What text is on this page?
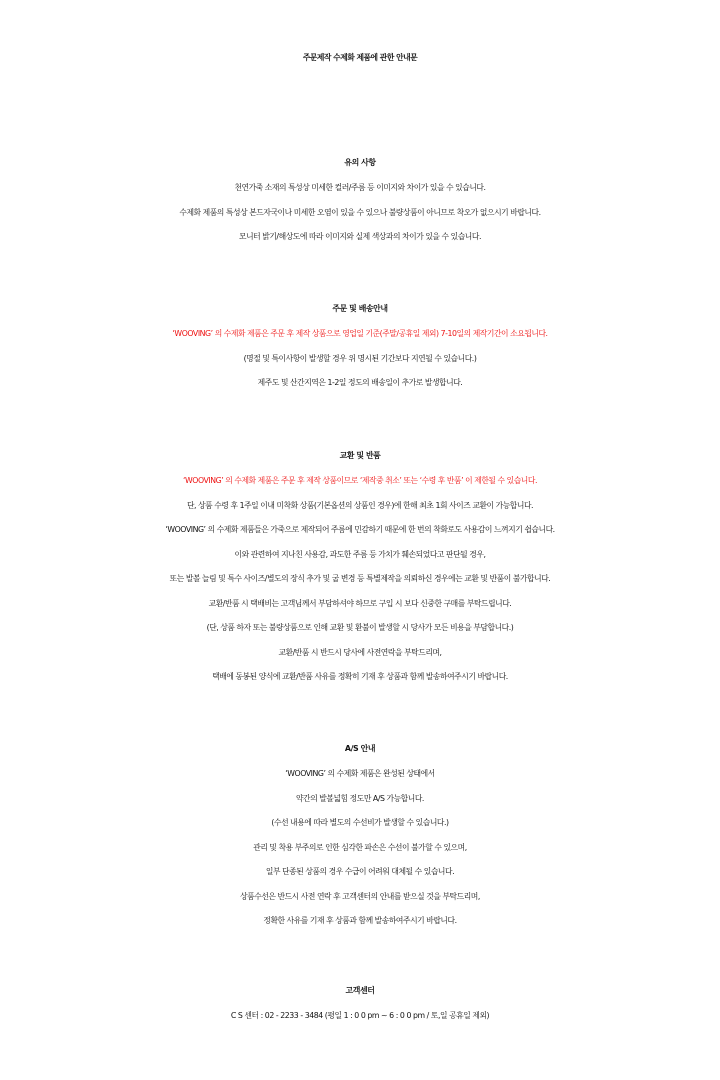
주문제작 수제화 제품에 관한 안내문
유의 사항
천연가죽 소재의 특성상 미세한 컬러/주름 등 이미지와 차이가 있을 수 있습니다.
수제화 제품의 특성상 본드자국이나 미세한 오염이 있을 수 있으나 불량상품이 아니므로 착오가 없으시기 바랍니다.
모니터 밝기/해상도에 따라 이미지와 실제 색상과의 차이가 있을 수 있습니다.
주문 및 배송안내
‘WOOVING’ 의 수제화 제품은 주문 후 제작 상품으로 영업일 기준(주말/공휴일 제외) 7-10일의 제작기간이 소요됩니다.
(명절 및 특이사항이 발생할 경우 위 명시된 기간보다 지연될 수 있습니다.)
제주도 및 산간지역은 1-2일 정도의 배송일이 추가로 발생합니다.
교환 및 반품
‘WOOVING’ 의 수제화 제품은 주문 후 제작 상품이므로 ‘제작중 취소’ 또는 ‘수령 후 반품’ 이 제한될 수 있습니다.
단, 상품 수령 후 1주일 이내 미착화 상품(기본옵션의 상품인 경우)에 한해 최초 1회 사이즈 교환이 가능합니다.
‘WOOVING’ 의 수제화 제품들은 가죽으로 제작되어 주름에 민감하기 때문에 한 번의 착화로도 사용감이 느껴지기 쉽습니다.
이와 관련하여 지나친 사용감, 과도한 주름 등 가치가 훼손되었다고 판단될 경우,
또는 발볼 늘림 및 특수 사이즈/별도의 장식 추가 및 굽 변경 등 특별제작을 의뢰하신 경우에는 교환 및 반품이 불가합니다.
교환/반품 시 택배비는 고객님께서 부담하셔야 하므로 구입 시 보다 신중한 구매를 부탁드립니다.
(단, 상품 하자 또는 불량상품으로 인해 교환 및 환불이 발생할 시 당사가 모든 비용을 부담합니다.)
교환/반품 시 반드시 당사에 사전연락을 부탁드리며,
택배에 동봉된 양식에 교환/반품 사유를 정확히 기재 후 상품과 함께 발송하여주시기 바랍니다.
A/S 안내
‘WOOVING’ 의 수제화 제품은 완성된 상태에서
약간의 발볼넓힘 정도만 A/S 가능합니다.
(수선 내용에 따라 별도의 수선비가 발생할 수 있습니다.)
관리 및 착용 부주의로 인한 심각한 파손은 수선이 불가할 수 있으며,
일부 단종된 상품의 경우 수급이 어려워 대체될 수 있습니다.
상품수선은 반드시 사전 연락 후 고객센터의 안내를 받으실 것을 부탁드리며,
정확한 사유를 기재 후 상품과 함께 발송하여주시기 바랍니다.
고객센터
C S 센터 : 02 - 2233 - 3484 (평일 1 : 0 0 pm ~ 6 : 0 0 pm / 토,일 공휴일 제외)
